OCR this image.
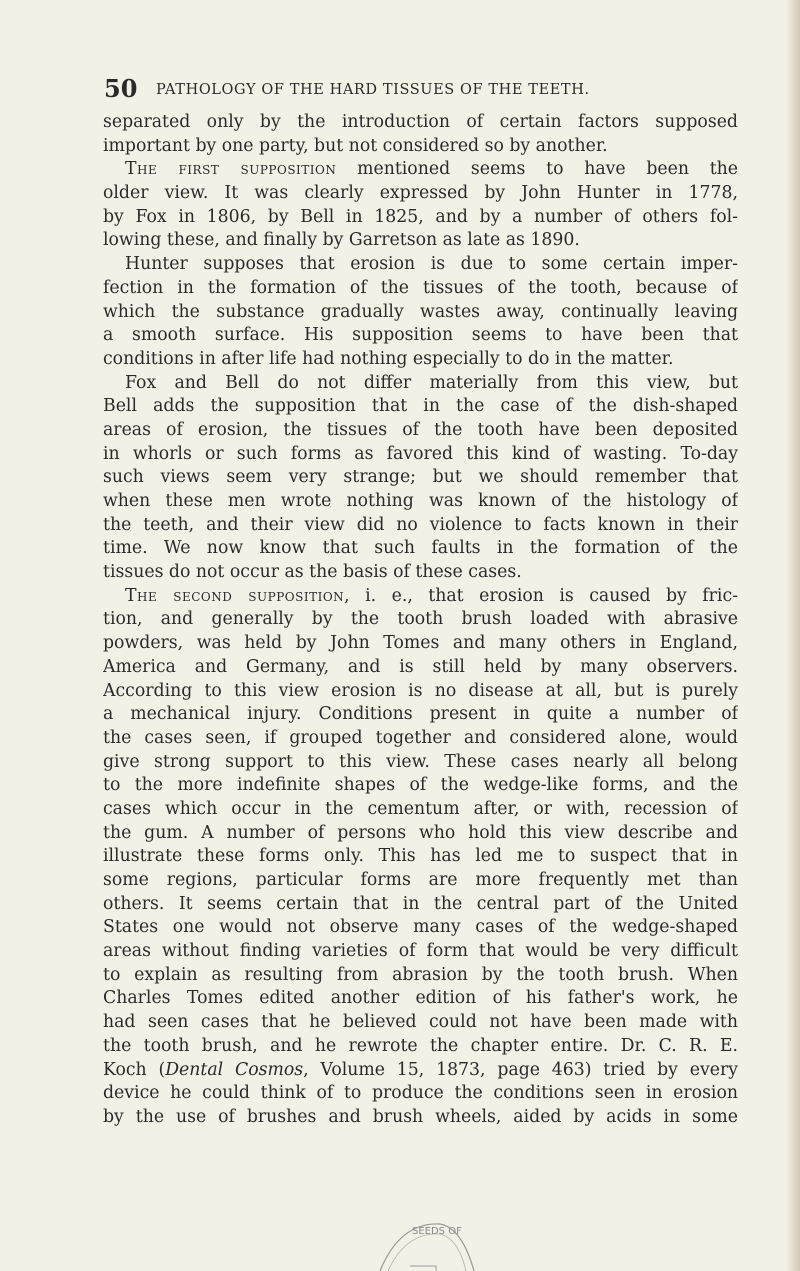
50 PATHOLOGY OF THE HARD TISSUES OF THE TEETH.
separated only by the introduction of certain factors supposed
important by one party, but not considered so by another.
The first supposition mentioned seems to have been the
older view. It was clearly expressed by John Hunter in 1778,
by Fox in 1806, by Bell in 1825, and by a number of others fol-
lowing these, and finally by Garretson as late as 1890.
Hunter supposes that erosion is due to some certain imper-
fection in the formation of the tissues of the tooth, because of
which the substance gradually wastes away, continually leaving
a smooth surface. His supposition seems to have been that
conditions in after life had nothing especially to do in the matter.
Fox and Bell do not differ materially from this view, but
Bell adds the supposition that in the case of the dish-shaped
areas of erosion, the tissues of the tooth have been deposited
in whorls or such forms as favored this kind of wasting. To-day
such views seem very strange; but we should remember that
when these men wrote nothing was known of the histology of
the teeth, and their view did no violence to facts known in their
time. We now know that such faults in the formation of the
tissues do not occur as the basis of these cases.
The second supposition, i. e., that erosion is caused by fric-
tion, and generally by the tooth brush loaded with abrasive
powders, was held by John Tomes and many others in England,
America and Germany, and is still held by many observers.
According to this view erosion is no disease at all, but is purely
a mechanical injury. Conditions present in quite a number of
the cases seen, if grouped together and considered alone, would
give strong support to this view. These cases nearly all belong
to the more indefinite shapes of the wedge-like forms, and the
cases which occur in the cementum after, or with, recession of
the gum. A number of persons who hold this view describe and
illustrate these forms only. This has led me to suspect that in
some regions, particular forms are more frequently met than
others. It seems certain that in the central part of the United
States one would not observe many cases of the wedge-shaped
areas without finding varieties of form that would be very difficult
to explain as resulting from abrasion by the tooth brush. When
Charles Tomes edited another edition of his father's work, he
had seen cases that he believed could not have been made with
the tooth brush, and he rewrote the chapter entire. Dr. C. R. E.
Koch (Dental Cosmos, Volume 15, 1873, page 463) tried by every
device he could think of to produce the conditions seen in erosion
by the use of brushes and brush wheels, aided by acids in some
SEEDS OF
